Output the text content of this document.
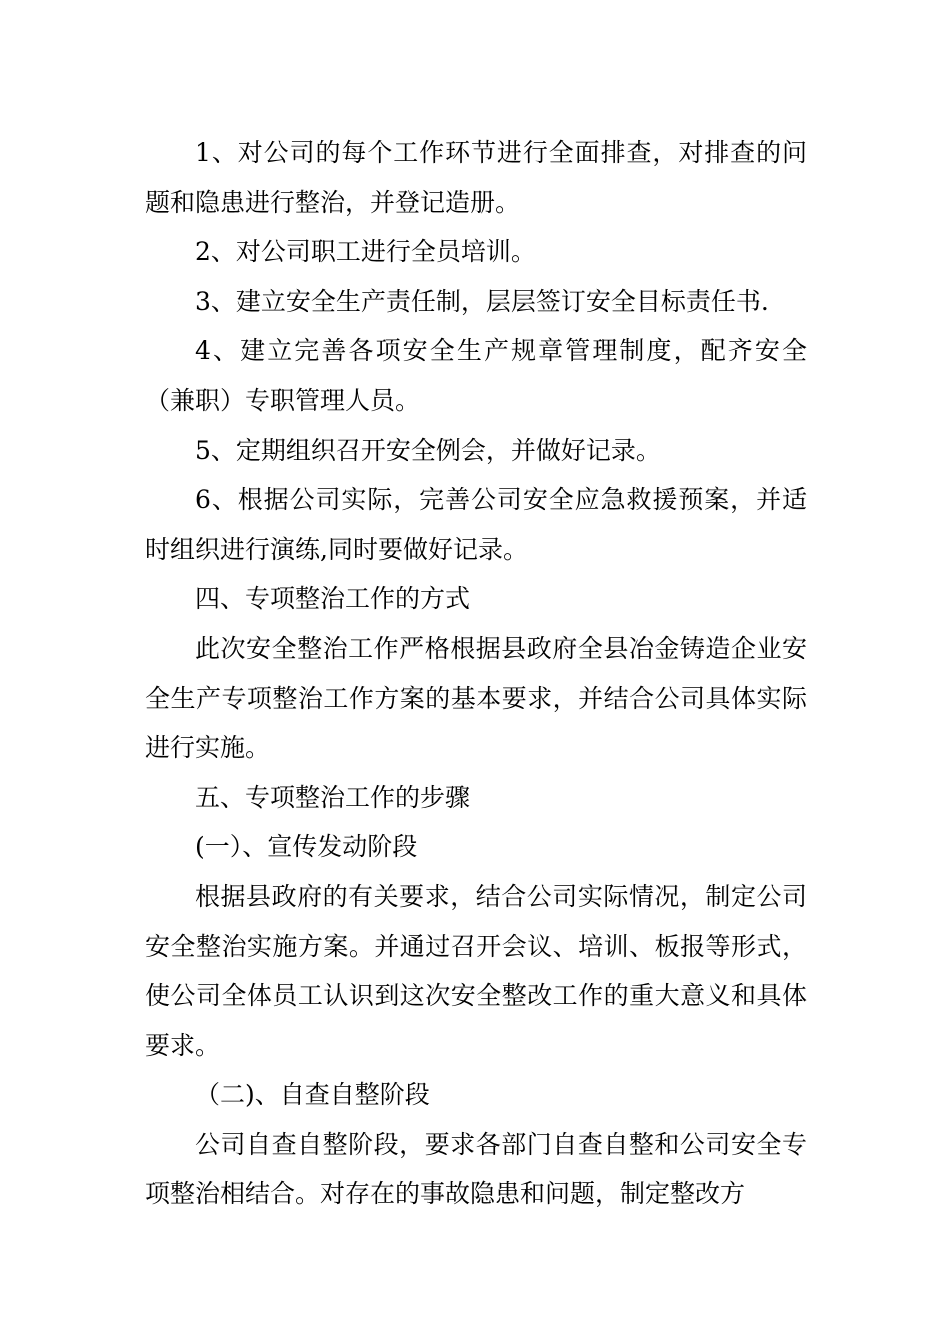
1、对公司的每个工作环节进行全面排查，对排查的问题和隐患进行整治，并登记造册。

2、对公司职工进行全员培训。

3、建立安全生产责任制，层层签订安全目标责任书.

4、建立完善各项安全生产规章管理制度，配齐安全（兼职）专职管理人员。

5、定期组织召开安全例会，并做好记录。

6、根据公司实际，完善公司安全应急救援预案，并适时组织进行演练,同时要做好记录。

四、专项整治工作的方式

此次安全整治工作严格根据县政府全县冶金铸造企业安全生产专项整治工作方案的基本要求，并结合公司具体实际进行实施。

五、专项整治工作的步骤

(一）、宣传发动阶段

根据县政府的有关要求，结合公司实际情况，制定公司安全整治实施方案。并通过召开会议、培训、板报等形式，使公司全体员工认识到这次安全整改工作的重大意义和具体要求。

（二)、自查自整阶段

公司自查自整阶段，要求各部门自查自整和公司安全专项整治相结合。对存在的事故隐患和问题，制定整改方
